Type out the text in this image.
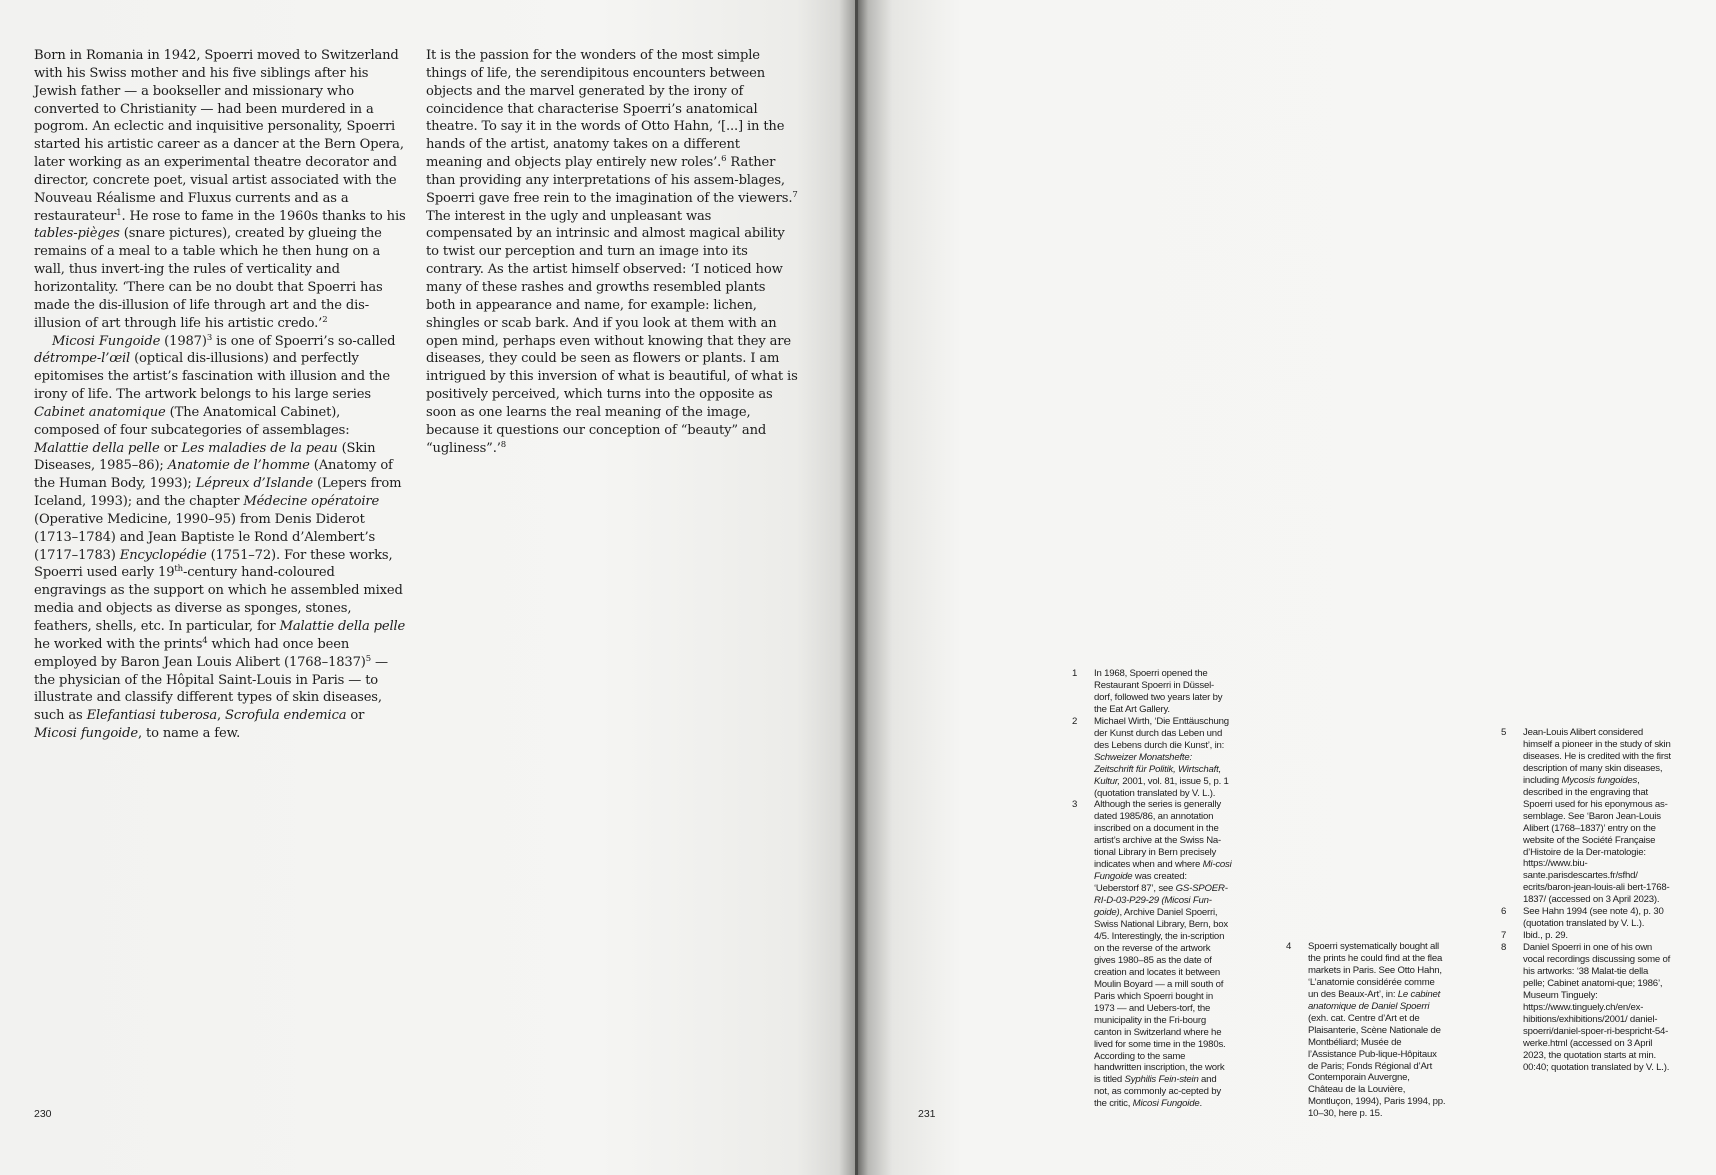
Born in Romania in 1942, Spoerri moved to Switzerland with his Swiss mother and his five siblings after his Jewish father — a bookseller and missionary who converted to Christianity — had been murdered in a pogrom. An eclectic and inquisitive personality, Spoerri started his artistic career as a dancer at the Bern Opera, later working as an experimental theatre decorator and director, concrete poet, visual artist associated with the Nouveau Réalisme and Fluxus currents and as a restaurateur$^1$. He rose to fame in the 1960s thanks to his tables-pièges (snare pictures), created by glueing the remains of a meal to a table which he then hung on a wall, thus invert-ing the rules of verticality and horizontality. ‘There can be no doubt that Spoerri has made the dis-illusion of life through art and the dis-illusion of art through life his artistic credo.’$^2$

Micosi Fungoide $(1987)^3$ is one of Spoerri’s so-called détrompe-l’œil (optical dis-illusions) and perfectly epitomises the artist’s fascination with illusion and the irony of life. The artwork belongs to his large series Cabinet anatomique (The Anatomical Cabinet), composed of four subcategories of assemblages: Malattie della pelle or Les maladies de la peau (Skin Diseases, 1985–86); Anatomie de l’homme (Anatomy of the Human Body, 1993); Lépreux d’Islande (Lepers from Iceland, 1993); and the chapter Médecine opératoire (Operative Medicine, 1990–95) from Denis Diderot (1713–1784) and Jean Baptiste le Rond d’Alembert’s (1717–1783) Encyclopédie (1751–72). For these works, Spoerri used early 19th-century hand-coloured engravings as the support on which he assembled mixed media and objects as diverse as sponges, stones, feathers, shells, etc. In particular, for Malattie della pelle he worked with the prints$^4$ which had once been employed by Baron Jean Louis Alibert (1768–1837)$^5$ — the physician of the Hôpital Saint-Louis in Paris — to illustrate and classify different types of skin diseases, such as Elefantiasi tuberosa, Scrofula endemica or Micosi fungoide, to name a few.

It is the passion for the wonders of the most simple things of life, the serendipitous encounters between objects and the marvel generated by the irony of coincidence that characterise Spoerri’s anatomical theatre. To say it in the words of Otto Hahn, ‘[...] in the hands of the artist, anatomy takes on a different meaning and objects play entirely new roles’.$^6$ Rather than providing any interpretations of his assem-blages, Spoerri gave free rein to the imagination of the viewers.$^7$ The interest in the ugly and unpleasant was compensated by an intrinsic and almost magical ability to twist our perception and turn an image into its contrary. As the artist himself observed: ‘I noticed how many of these rashes and growths resembled plants both in appearance and name, for example: lichen, shingles or scab bark. And if you look at them with an open mind, perhaps even without knowing that they are diseases, they could be seen as flowers or plants. I am intrigued by this inversion of what is beautiful, of what is positively perceived, which turns into the opposite as soon as one learns the real meaning of the image, because it questions our conception of “beauty” and “ugliness”.’$^8$

230	231
1 In 1968, Spoerri opened the Restaurant Spoerri in Düssel-dorf, followed two years later by the Eat Art Gallery.
2 Michael Wirth, ‘Die Enttäuschung der Kunst durch das Leben und des Lebens durch die Kunst’, in: Schweizer Monatshefte: Zeitschrift für Politik, Wirtschaft, Kultur, 2001, vol. 81, issue 5, p. 1 (quotation translated by V. L.).
3 Although the series is generally dated 1985/86, an annotation inscribed on a document in the artist’s archive at the Swiss Na-tional Library in Bern precisely indicates when and where Mi-cosi Fungoide was created: ‘Ueberstorf 87’, see GS-SPOER-RI-D-03-P29-29 (Micosi Fun-goide), Archive Daniel Spoerri, Swiss National Library, Bern, box 4/5. Interestingly, the in-scription on the reverse of the artwork gives 1980–85 as the date of creation and locates it between Moulin Boyard — a mill south of Paris which Spoerri bought in 1973 — and Uebers-torf, the municipality in the Fri-bourg canton in Switzerland where he lived for some time in the 1980s. According to the same handwritten inscription, the work is titled Syphilis Fein-stein and not, as commonly ac-cepted by the critic, Micosi Fungoide.
4 Spoerri systematically bought all the prints he could find at the flea markets in Paris. See Otto Hahn, ‘L’anatomie considérée comme un des Beaux-Art’, in: Le cabinet anatomique de Daniel Spoerri (exh. cat. Centre d’Art et de Plaisanterie, Scène Nationale de Montbéliard; Musée de l’Assistance Pub-lique-Hôpitaux de Paris; Fonds Régional d’Art Contemporain Auvergne, Château de la Louvière, Montluçon, 1994), Paris 1994, pp. 10–30, here p. 15.
5 Jean-Louis Alibert considered himself a pioneer in the study of skin diseases. He is credited with the first description of many skin diseases, including Mycosis fungoides, described in the engraving that Spoerri used for his eponymous as-semblage. See ‘Baron Jean-Louis Alibert (1768–1837)’ entry on the website of the Société Française d’Histoire de la Der-matologie: https://www.biu-sante.parisdescartes.fr/sfhd/ ecrits/baron-jean-louis-ali bert-1768-1837/ (accessed on 3 April 2023).
6 See Hahn 1994 (see note 4), p. 30 (quotation translated by V. L.).
7 Ibid., p. 29.
8 Daniel Spoerri in one of his own vocal recordings discussing some of his artworks: ‘38 Malat-tie della pelle; Cabinet anatomi-que; 1986’, Museum Tinguely: https://www.tinguely.ch/en/ex-hibitions/exhibitions/2001/ daniel-spoerri/daniel-spoer-ri-bespricht-54-werke.html (accessed on 3 April 2023, the quotation starts at min. 00:40; quotation translated by V. L.).
